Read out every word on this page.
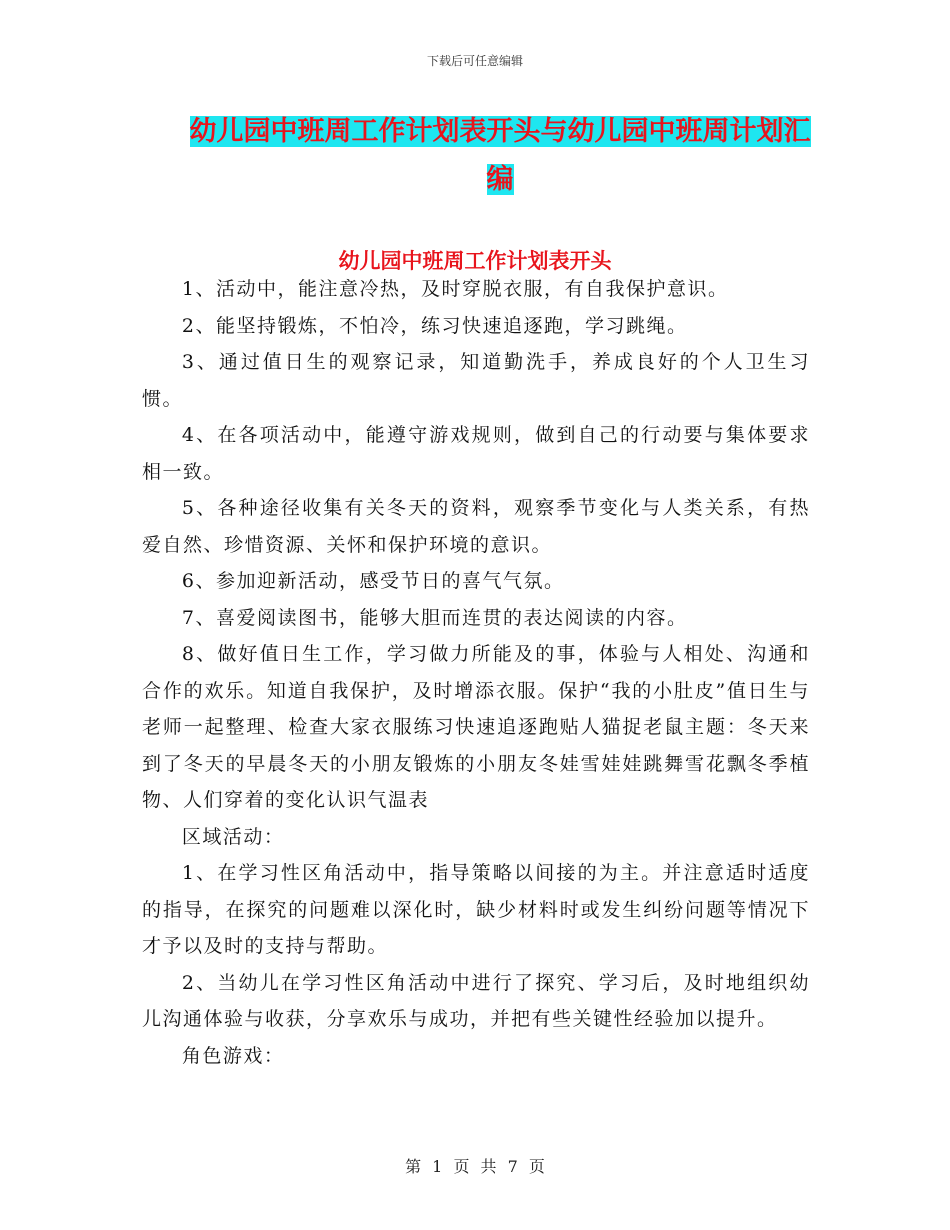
下载后可任意编辑
幼儿园中班周工作计划表开头与幼儿园中班周计划汇编
幼儿园中班周工作计划表开头

1、活动中，能注意冷热，及时穿脱衣服，有自我保护意识。

2、能坚持锻炼，不怕冷，练习快速追逐跑，学习跳绳。

3、通过值日生的观察记录，知道勤洗手，养成良好的个人卫生习惯。

4、在各项活动中，能遵守游戏规则，做到自己的行动要与集体要求相一致。

5、各种途径收集有关冬天的资料，观察季节变化与人类关系，有热爱自然、珍惜资源、关怀和保护环境的意识。

6、参加迎新活动，感受节日的喜气气氛。

7、喜爱阅读图书，能够大胆而连贯的表达阅读的内容。

8、做好值日生工作，学习做力所能及的事，体验与人相处、沟通和合作的欢乐。知道自我保护，及时增添衣服。保护“我的小肚皮”值日生与老师一起整理、检查大家衣服练习快速追逐跑贴人猫捉老鼠主题：冬天来到了冬天的早晨冬天的小朋友锻炼的小朋友冬娃雪娃娃跳舞雪花飘冬季植物、人们穿着的变化认识气温表

区域活动：

1、在学习性区角活动中，指导策略以间接的为主。并注意适时适度的指导，在探究的问题难以深化时，缺少材料时或发生纠纷问题等情况下才予以及时的支持与帮助。

2、当幼儿在学习性区角活动中进行了探究、学习后，及时地组织幼儿沟通体验与收获，分享欢乐与成功，并把有些关键性经验加以提升。

角色游戏：

第 1 页 共 7 页
